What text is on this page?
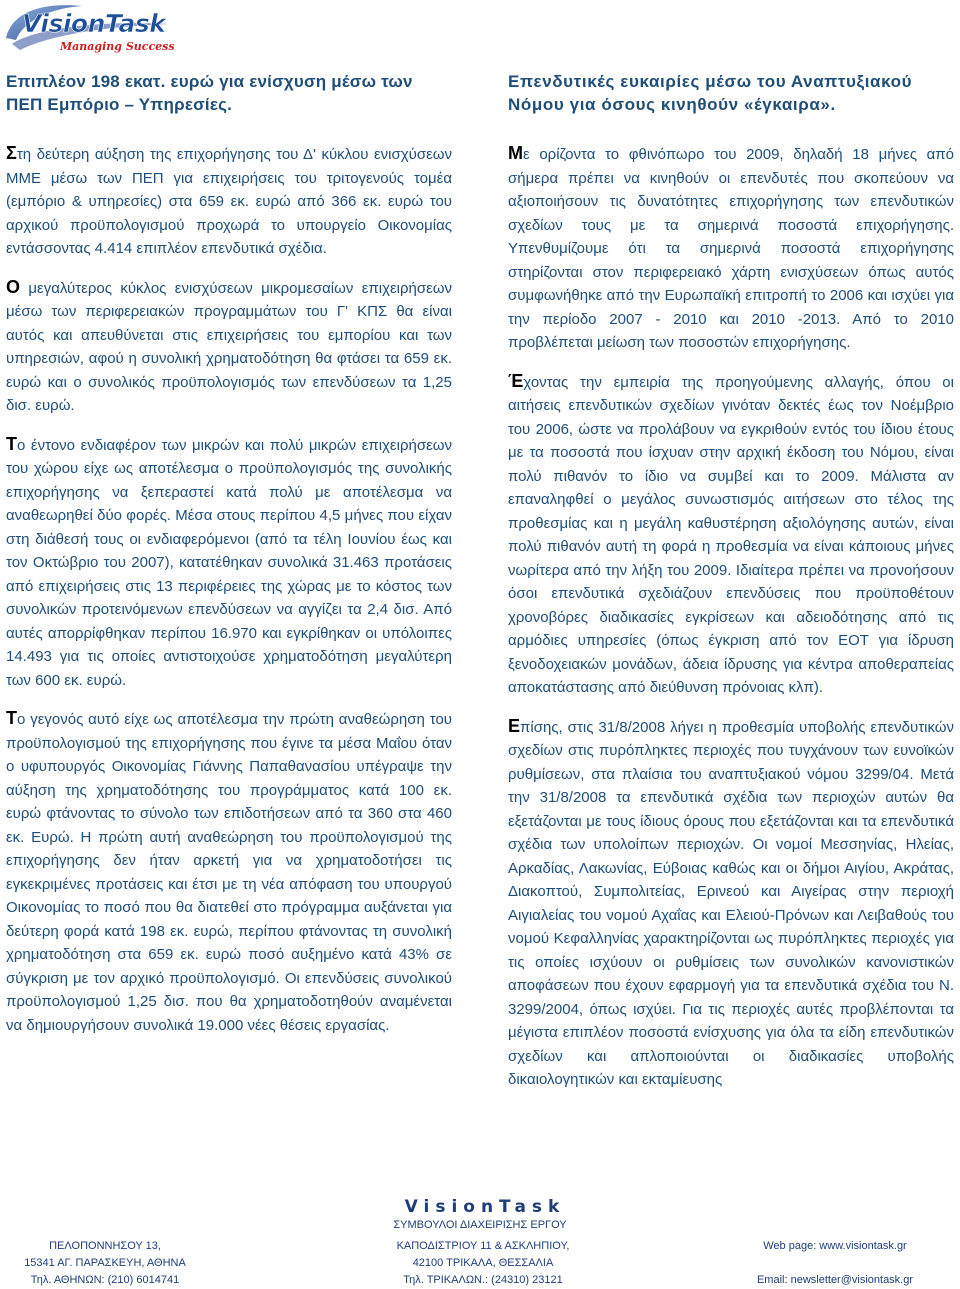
VisionTask
Managing Success
Επιπλέον 198 εκατ. ευρώ για ενίσχυση μέσω των ΠΕΠ Εμπόριο – Υπηρεσίες.

Στη δεύτερη αύξηση της επιχορήγησης του Δ' κύκλου ενισχύσεων ΜΜΕ μέσω των ΠΕΠ για επιχειρήσεις του τριτογενούς τομέα (εμπόριο & υπηρεσίες) στα 659 εκ. ευρώ από 366 εκ. ευρώ του αρχικού προϋπολογισμού προχωρά το υπουργείο Οικονομίας εντάσσοντας 4.414 επιπλέον επενδυτικά σχέδια.

Ο μεγαλύτερος κύκλος ενισχύσεων μικρομεσαίων επιχειρήσεων μέσω των περιφερειακών προγραμμάτων του Γ' ΚΠΣ θα είναι αυτός και απευθύνεται στις επιχειρήσεις του εμπορίου και των υπηρεσιών, αφού η συνολική χρηματοδότηση θα φτάσει τα 659 εκ. ευρώ και ο συνολικός προϋπολογισμός των επενδύσεων τα 1,25 δισ. ευρώ.

Το έντονο ενδιαφέρον των μικρών και πολύ μικρών επιχειρήσεων του χώρου είχε ως αποτέλεσμα ο προϋπολογισμός της συνολικής επιχορήγησης να ξεπεραστεί κατά πολύ με αποτέλεσμα να αναθεωρηθεί δύο φορές. Μέσα στους περίπου 4,5 μήνες που είχαν στη διάθεσή τους οι ενδιαφερόμενοι (από τα τέλη Ιουνίου έως και τον Οκτώβριο του 2007), κατατέθηκαν συνολικά 31.463 προτάσεις από επιχειρήσεις στις 13 περιφέρειες της χώρας με το κόστος των συνολικών προτεινόμενων επενδύσεων να αγγίζει τα 2,4 δισ. Από αυτές απορρίφθηκαν περίπου 16.970 και εγκρίθηκαν οι υπόλοιπες 14.493 για τις οποίες αντιστοιχούσε χρηματοδότηση μεγαλύτερη των 600 εκ. ευρώ.

Το γεγονός αυτό είχε ως αποτέλεσμα την πρώτη αναθεώρηση του προϋπολογισμού της επιχορήγησης που έγινε τα μέσα Μαΐου όταν ο υφυπουργός Οικονομίας Γιάννης Παπαθανασίου υπέγραψε την αύξηση της χρηματοδότησης του προγράμματος κατά 100 εκ. ευρώ φτάνοντας το σύνολο των επιδοτήσεων από τα 360 στα 460 εκ. Ευρώ. Η πρώτη αυτή αναθεώρηση του προϋπολογισμού της επιχορήγησης δεν ήταν αρκετή για να χρηματοδοτήσει τις εγκεκριμένες προτάσεις και έτσι με τη νέα απόφαση του υπουργού Οικονομίας το ποσό που θα διατεθεί στο πρόγραμμα αυξάνεται για δεύτερη φορά κατά 198 εκ. ευρώ, περίπου φτάνοντας τη συνολική χρηματοδότηση στα 659 εκ. ευρώ ποσό αυξημένο κατά 43% σε σύγκριση με τον αρχικό προϋπολογισμό. Οι επενδύσεις συνολικού προϋπολογισμού 1,25 δισ. που θα χρηματοδοτηθούν αναμένεται να δημιουργήσουν συνολικά 19.000 νέες θέσεις εργασίας.

Επενδυτικές ευκαιρίες μέσω του Αναπτυξιακού Νόμου για όσους κινηθούν «έγκαιρα».

Με ορίζοντα το φθινόπωρο του 2009, δηλαδή 18 μήνες από σήμερα πρέπει να κινηθούν οι επενδυτές που σκοπεύουν να αξιοποιήσουν τις δυνατότητες επιχορήγησης των επενδυτικών σχεδίων τους με τα σημερινά ποσοστά επιχορήγησης. Υπενθυμίζουμε ότι τα σημερινά ποσοστά επιχορήγησης στηρίζονται στον περιφερειακό χάρτη ενισχύσεων όπως αυτός συμφωνήθηκε από την Ευρωπαϊκή επιτροπή το 2006 και ισχύει για την περίοδο 2007 - 2010 και 2010 -2013. Από το 2010 προβλέπεται μείωση των ποσοστών επιχορήγησης.

Έχοντας την εμπειρία της προηγούμενης αλλαγής, όπου οι αιτήσεις επενδυτικών σχεδίων γινόταν δεκτές έως τον Νοέμβριο του 2006, ώστε να προλάβουν να εγκριθούν εντός του ίδιου έτους με τα ποσοστά που ίσχυαν στην αρχική έκδοση του Νόμου, είναι πολύ πιθανόν το ίδιο να συμβεί και το 2009. Μάλιστα αν επαναληφθεί ο μεγάλος συνωστισμός αιτήσεων στο τέλος της προθεσμίας και η μεγάλη καθυστέρηση αξιολόγησης αυτών, είναι πολύ πιθανόν αυτή τη φορά η προθεσμία να είναι κάποιους μήνες νωρίτερα από την λήξη του 2009. Ιδιαίτερα πρέπει να προνοήσουν όσοι επενδυτικά σχεδιάζουν επενδύσεις που προϋποθέτουν χρονοβόρες διαδικασίες εγκρίσεων και αδειοδότησης από τις αρμόδιες υπηρεσίες (όπως έγκριση από τον ΕΟΤ για ίδρυση ξενοδοχειακών μονάδων, άδεια ίδρυσης για κέντρα αποθεραπείας αποκατάστασης από διεύθυνση πρόνοιας κλπ).

Επίσης, στις 31/8/2008 λήγει η προθεσμία υποβολής επενδυτικών σχεδίων στις πυρόπληκτες περιοχές που τυγχάνουν των ευνοϊκών ρυθμίσεων, στα πλαίσια του αναπτυξιακού νόμου 3299/04. Μετά την 31/8/2008 τα επενδυτικά σχέδια των περιοχών αυτών θα εξετάζονται με τους ίδιους όρους που εξετάζονται και τα επενδυτικά σχέδια των υπολοίπων περιοχών. Οι νομοί Μεσσηνίας, Ηλείας, Αρκαδίας, Λακωνίας, Εύβοιας καθώς και οι δήμοι Αιγίου, Ακράτας, Διακοπτού, Συμπολιτείας, Ερινεού και Αιγείρας στην περιοχή Αιγιαλείας του νομού Αχαΐας και Ελειού-Πρόνων και Λειβαθούς του νομού Κεφαλληνίας χαρακτηρίζονται ως πυρόπληκτες περιοχές για τις οποίες ισχύουν οι ρυθμίσεις των συνολικών κανονιστικών αποφάσεων που έχουν εφαρμογή για τα επενδυτικά σχέδια του Ν. 3299/2004, όπως ισχύει. Για τις περιοχές αυτές προβλέπονται τα μέγιστα επιπλέον ποσοστά ενίσχυσης για όλα τα είδη επενδυτικών σχεδίων και απλοποιούνται οι διαδικασίες υποβολής δικαιολογητικών και εκταμίευσης

VisionTask
ΣΥΜΒΟΥΛΟΙ ΔΙΑΧΕΙΡΙΣΗΣ ΕΡΓΟΥ
ΠΕΛΟΠΟΝΝΗΣΟΥ 13,
15341 ΑΓ. ΠΑΡΑΣΚΕΥΗ, ΑΘΗΝΑ
Τηλ. ΑΘΗΝΩΝ: (210) 6014741
ΚΑΠΟΔΙΣΤΡΙΟΥ 11 & ΑΣΚΛΗΠΙΟΥ,
42100 ΤΡΙΚΑΛΑ, ΘΕΣΣΑΛΙΑ
Τηλ. ΤΡΙΚΑΛΩΝ.: (24310) 23121
Web page: www.visiontask.gr
Email: newsletter@visiontask.gr
